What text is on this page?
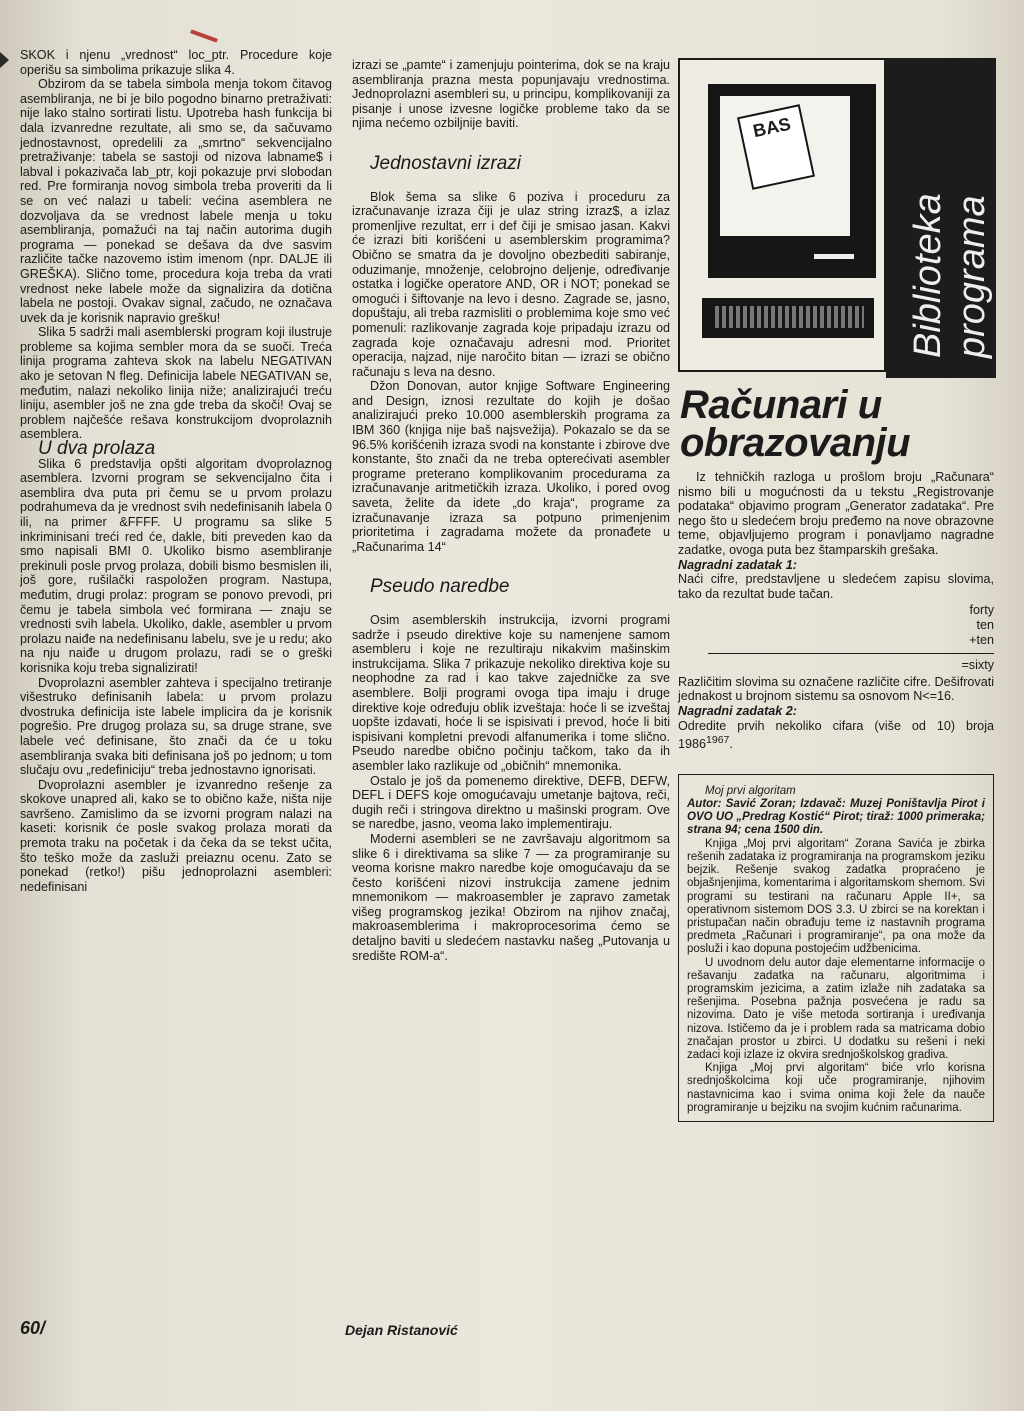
SKOK i njenu „vrednost“ loc_ptr. Procedure koje operišu sa simbolima prikazuje slika 4.

Obzirom da se tabela simbola menja tokom čitavog asembliranja, ne bi je bilo pogodno binarno pretraživati: nije lako stalno sortirati listu. Upotreba hash funkcija bi dala izvanredne rezultate, ali smo se, da sačuvamo jednostavnost, opredelili za „smrtno“ sekvencijalno pretraživanje: tabela se sastoji od nizova labname$ i labval i pokazivača lab_ptr, koji pokazuje prvi slobodan red. Pre formiranja novog simbola treba proveriti da li se on već nalazi u tabeli: većina asemblera ne dozvoljava da se vrednost labele menja u toku asembliranja, pomažući na taj način autorima dugih programa — ponekad se dešava da dve sasvim različite tačke nazovemo istim imenom (npr. DALJE ili GREŠKA). Slično tome, procedura koja treba da vrati vrednost neke labele može da signalizira da dotična labela ne postoji. Ovakav signal, začudo, ne označava uvek da je korisnik napravio grešku!

Slika 5 sadrži mali asemblerski program koji ilustruje probleme sa kojima sembler mora da se suoči. Treća linija programa zahteva skok na labelu NEGATIVAN ako je setovan N fleg. Definicija labele NEGATIVAN se, međutim, nalazi nekoliko linija niže; analizirajući treću liniju, asembler još ne zna gde treba da skoči! Ovaj se problem najčešće rešava konstrukcijom dvoprolaznih asemblera.

U dva prolaza

Slika 6 predstavlja opšti algoritam dvoprolaznog asemblera. Izvorni program se sekvencijalno čita i asemblira dva puta pri čemu se u prvom prolazu podrahumeva da je vrednost svih nedefinisanih labela 0 ili, na primer &FFFF. U programu sa slike 5 inkriminisani treći red će, dakle, biti preveden kao da smo napisali BMI 0. Ukoliko bismo asembliranje prekinuli posle prvog prolaza, dobili bismo besmislen ili, još gore, rušilački raspoložen program. Nastupa, međutim, drugi prolaz: program se ponovo prevodi, pri čemu je tabela simbola već formirana — znaju se vrednosti svih labela. Ukoliko, dakle, asembler u prvom prolazu naiđe na nedefinisanu labelu, sve je u redu; ako na nju naiđe u drugom prolazu, radi se o greški korisnika koju treba signalizirati!

Dvoprolazni asembler zahteva i specijalno tretiranje višestruko definisanih labela: u prvom prolazu dvostruka definicija iste labele implicira da je korisnik pogrešio. Pre drugog prolaza su, sa druge strane, sve labele već definisane, što znači da će u toku asembliranja svaka biti definisana još po jednom; u tom slučaju ovu „redefiniciju“ treba jednostavno ignorisati.

Dvoprolazni asembler je izvanredno rešenje za skokove unapred ali, kako se to obično kaže, ništa nije savršeno. Zamislimo da se izvorni program nalazi na kaseti: korisnik će posle svakog prolaza morati da premota traku na početak i da čeka da se tekst učita, što teško može da zasluži preiaznu ocenu. Zato se ponekad (retko!) pišu jednoprolazni asembleri: nedefinisani

izrazi se „pamte“ i zamenjuju pointerima, dok se na kraju asembliranja prazna mesta popunjavaju vrednostima. Jednoprolazni asembleri su, u principu, komplikovaniji za pisanje i unose izvesne logičke probleme tako da se njima nećemo ozbiljnije baviti.

Jednostavni izrazi

Blok šema sa slike 6 poziva i proceduru za izračunavanje izraza čiji je ulaz string izraz$, a izlaz promenljive rezultat, err i def čiji je smisao jasan. Kakvi će izrazi biti korišćeni u asemblerskim programima? Obično se smatra da je dovoljno obezbediti sabiranje, oduzimanje, množenje, celobrojno deljenje, određivanje ostatka i logičke operatore AND, OR i NOT; ponekad se omogući i šiftovanje na levo i desno. Zagrade se, jasno, dopuštaju, ali treba razmisliti o problemima koje smo već pomenuli: razlikovanje zagrada koje pripadaju izrazu od zagrada koje označavaju adresni mod. Prioritet operacija, najzad, nije naročito bitan — izrazi se obično računaju s leva na desno.

Džon Donovan, autor knjige Software Engineering and Design, iznosi rezultate do kojih je došao analizirajući preko 10.000 asemblerskih programa za IBM 360 (knjiga nije baš najsvežija). Pokazalo se da se 96.5% korišćenih izraza svodi na konstante i zbirove dve konstante, što znači da ne treba opterećivati asembler programe preterano komplikovanim procedurama za izračunavanje aritmetičkih izraza. Ukoliko, i pored ovog saveta, želite da idete „do kraja“, programe za izračunavanje izraza sa potpuno primenjenim prioritetima i zagradama možete da pronađete u „Računarima 14“

Pseudo naredbe

Osim asemblerskih instrukcija, izvorni programi sadrže i pseudo direktive koje su namenjene samom asembleru i koje ne rezultiraju nikakvim mašinskim instrukcijama. Slika 7 prikazuje nekoliko direktiva koje su neophodne za rad i kao takve zajedničke za sve asemblere. Bolji programi ovoga tipa imaju i druge direktive koje određuju oblik izveštaja: hoće li se izveštaj uopšte izdavati, hoće li se ispisivati i prevod, hoće li biti ispisivani kompletni prevodi alfanumerika i tome slično. Pseudo naredbe obično počinju tačkom, tako da ih asembler lako razlikuje od „običnih“ mnemonika.

Ostalo je još da pomenemo direktive, DEFB, DEFW, DEFL i DEFS koje omogućavaju umetanje bajtova, reči, dugih reči i stringova direktno u mašinski program. Ove se naredbe, jasno, veoma lako implementiraju.

Moderni asembleri se ne završavaju algoritmom sa slike 6 i direktivama sa slike 7 — za programiranje su veoma korisne makro naredbe koje omogućavaju da se često korišćeni nizovi instrukcija zamene jednim mnemonikom — makroasembler je zapravo zametak višeg programskog jezika! Obzirom na njihov značaj, makroasemblerima i makroprocesorima ćemo se detaljno baviti u sledećem nastavku našeg „Putovanja u središte ROM-a“.

BAS
Biblioteka programa
Računari u
obrazovanju

Iz tehničkih razloga u prošlom broju „Računara“ nismo bili u mogućnosti da u tekstu „Registrovanje podataka“ objavimo program „Generator zadataka“. Pre nego što u sledećem broju pređemo na nove obrazovne teme, objavljujemo program i ponavljamo nagradne zadatke, ovoga puta bez štamparskih grešaka.

Nagradni zadatak 1:

Naći cifre, predstavljene u sledećem zapisu slovima, tako da rezultat bude tačan.

forty
ten
+ten
=sixty

Različitim slovima su označene različite cifre. Dešifrovati jednakost u brojnom sistemu sa osnovom N<=16.

Nagradni zadatak 2:

Odredite prvih nekoliko cifara (više od 10) broja $1986^{1967}$.

Moj prvi algoritam

Autor: Savić Zoran; Izdavač: Muzej Poništavlja Pirot i OVO UO „Predrag Kostić“ Pirot; tiraž: 1000 primeraka; strana 94; cena 1500 din.

Knjiga „Moj prvi algoritam“ Zorana Savića je zbirka rešenih zadataka iz programiranja na programskom jeziku bejzik. Rešenje svakog zadatka propraćeno je objašnjenjima, komentarima i algoritamskom shemom. Svi programi su testirani na računaru Apple II+, sa operativnom sistemom DOS 3.3. U zbirci se na korektan i pristupačan način obrađuju teme iz nastavnih programa predmeta „Računari i programiranje“, pa ona može da posluži i kao dopuna postojećim udžbenicima.

U uvodnom delu autor daje elementarne informacije o rešavanju zadatka na računaru, algoritmima i programskim jezicima, a zatim izlaže nih zadataka sa rešenjima. Posebna pažnja posvećena je radu sa nizovima. Dato je više metoda sortiranja i uređivanja nizova. Ističemo da je i problem rada sa matricama dobio značajan prostor u zbirci. U dodatku su rešeni i neki zadaci koji izlaze iz okvira srednjoškolskog gradiva.

Knjiga „Moj prvi algoritam“ biće vrlo korisna srednjoškolcima koji uče programiranje, njihovim nastavnicima kao i svima onima koji žele da nauče programiranje u bejziku na svojim kućnim računarima.

60/	Dejan Ristanović
